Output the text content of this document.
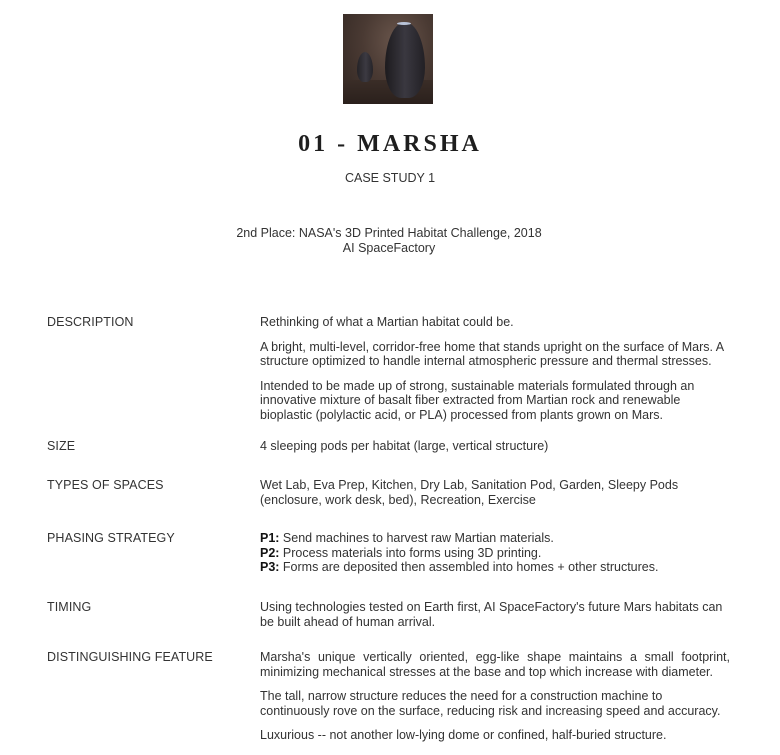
01 - MARSHA
CASE STUDY 1
2nd Place: NASA's 3D Printed Habitat Challenge, 2018
AI SpaceFactory
DESCRIPTION	Rethinking of what a Martian habitat could be.

A bright, multi-level, corridor-free home that stands upright on the surface of Mars. A structure optimized to handle internal atmospheric pressure and thermal stresses.

Intended to be made up of strong, sustainable materials formulated through an innovative mixture of basalt fiber extracted from Martian rock and renewable bioplastic (polylactic acid, or PLA) processed from plants grown on Mars.

SIZE	4 sleeping pods per habitat (large, vertical structure)

TYPES OF SPACES	Wet Lab, Eva Prep, Kitchen, Dry Lab, Sanitation Pod, Garden, Sleepy Pods (enclosure, work desk, bed), Recreation, Exercise

PHASING STRATEGY	P1: Send machines to harvest raw Martian materials.

P2: Process materials into forms using 3D printing.

P3: Forms are deposited then assembled into homes + other structures.

TIMING	Using technologies tested on Earth first, AI SpaceFactory's future Mars habitats can be built ahead of human arrival.

DISTINGUISHING FEATURE	Marsha's unique vertically oriented, egg-like shape maintains a small footprint, minimizing mechanical stresses at the base and top which increase with diameter.

The tall, narrow structure reduces the need for a construction machine to continuously rove on the surface, reducing risk and increasing speed and accuracy.

Luxurious -- not another low-lying dome or confined, half-buried structure.
